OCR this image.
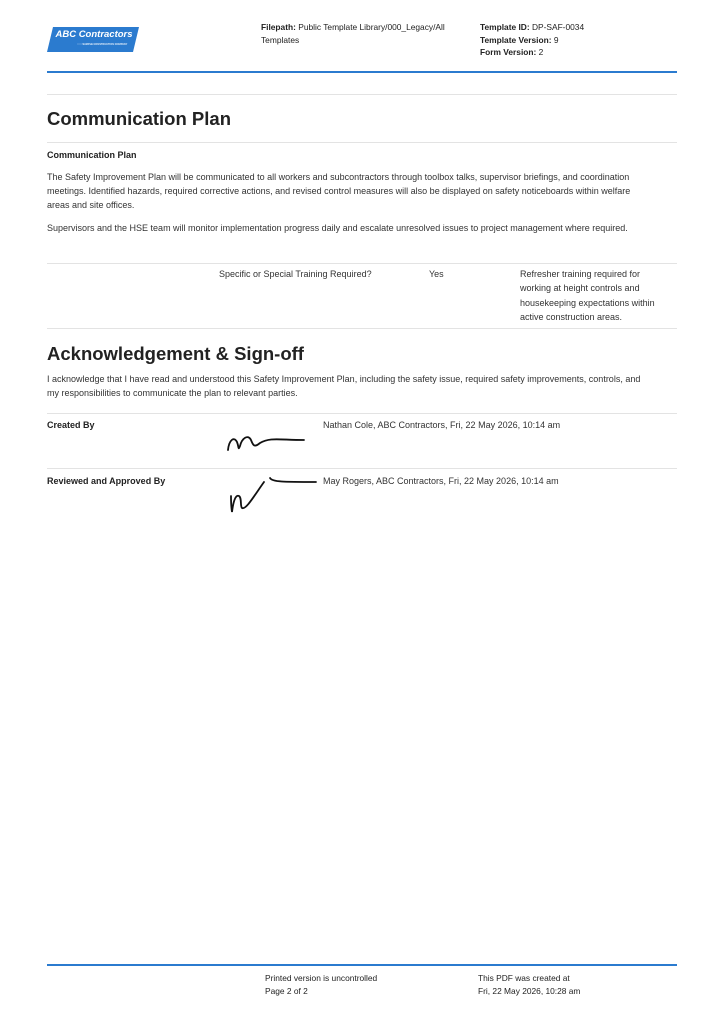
ABC Contractors
SAMPLE CONSTRUCTION COMPANY
Filepath: Public Template Library/000_Legacy/All Templates
Template ID: DP-SAF-0034
Template Version: 9
Form Version: 2
Communication Plan
Communication Plan
The Safety Improvement Plan will be communicated to all workers and subcontractors through toolbox talks, supervisor briefings, and coordination meetings. Identified hazards, required corrective actions, and revised control measures will also be displayed on safety noticeboards within welfare areas and site offices.
Supervisors and the HSE team will monitor implementation progress daily and escalate unresolved issues to project management where required.
Specific or Special Training Required?	Yes	Refresher training required for working at height controls and housekeeping expectations within active construction areas.
Acknowledgement & Sign-off
I acknowledge that I have read and understood this Safety Improvement Plan, including the safety issue, required safety improvements, controls, and my responsibilities to communicate the plan to relevant parties.
Created By	Nathan Cole, ABC Contractors, Fri, 22 May 2026, 10:14 am
Reviewed and Approved By	May Rogers, ABC Contractors, Fri, 22 May 2026, 10:14 am
Printed version is uncontrolled
Page 2 of 2
This PDF was created at
Fri, 22 May 2026, 10:28 am
